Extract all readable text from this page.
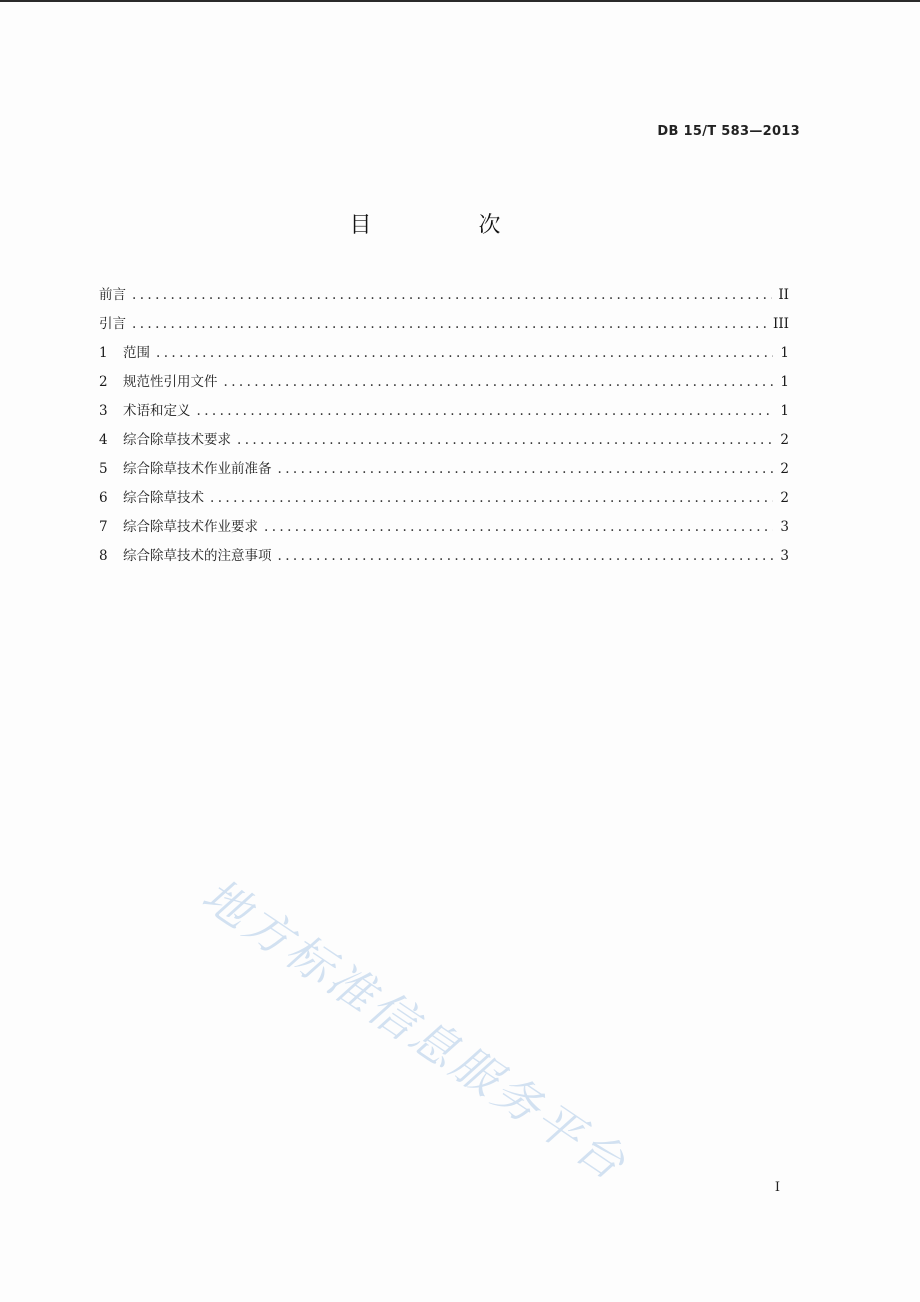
DB 15/T 583—2013
目 次
前言 .....	II
引言 .....	III
1	范围 .....	1
2	规范性引用文件 .....	1
3	术语和定义 .....	1
4	综合除草技术要求 .....	2
5	综合除草技术作业前准备 .....	2
6	综合除草技术 .....	2
7	综合除草技术作业要求 .....	3
8	综合除草技术的注意事项 .....	3
地方标准信息服务平台	I
